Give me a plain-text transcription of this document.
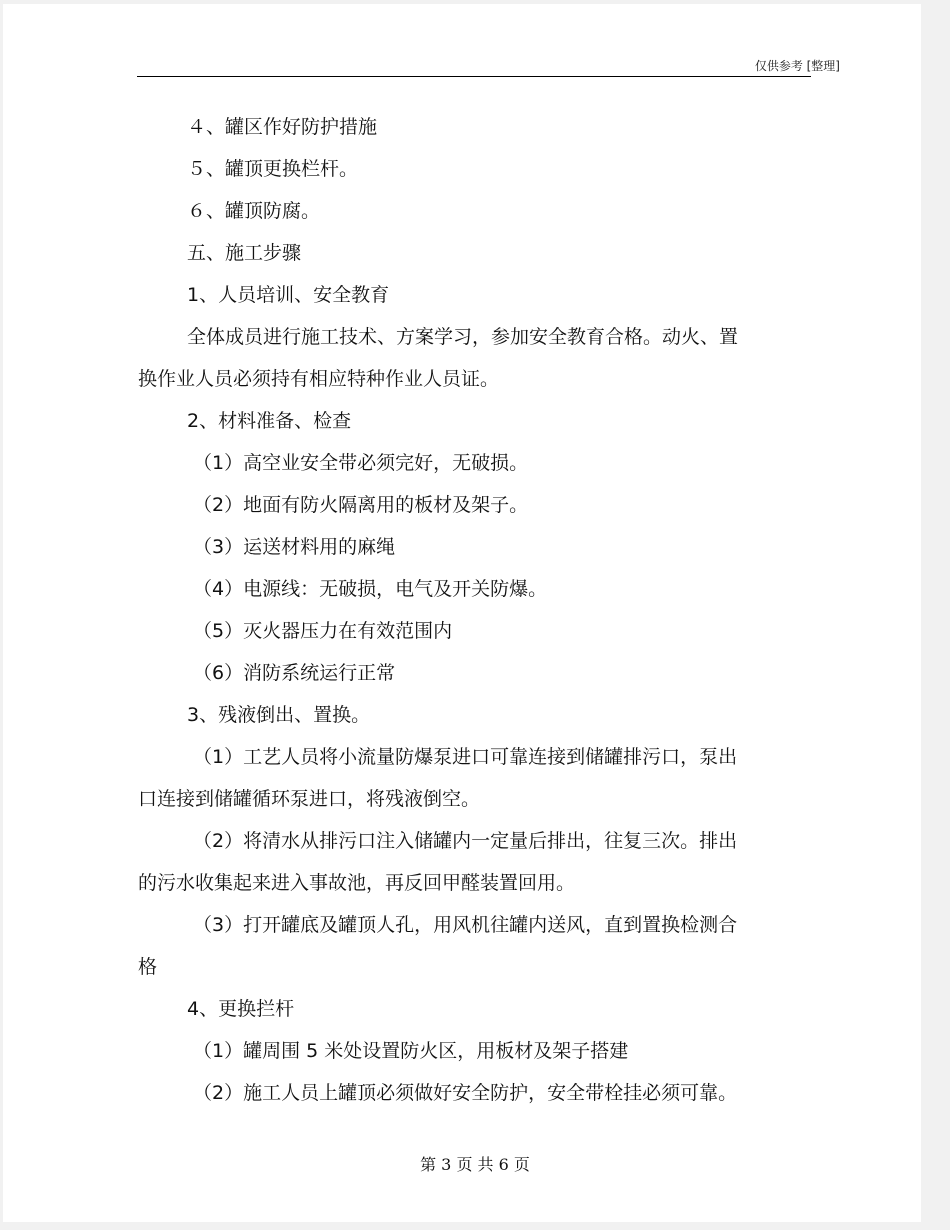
仅供参考 [整理]
４、罐区作好防护措施
５、罐顶更换栏杆。
６、罐顶防腐。
五、施工步骤
1、人员培训、安全教育
全体成员进行施工技术、方案学习，参加安全教育合格。动火、置
换作业人员必须持有相应特种作业人员证。
2、材料准备、检查
（1）高空业安全带必须完好，无破损。
（2）地面有防火隔离用的板材及架子。
（3）运送材料用的麻绳
（4）电源线：无破损，电气及开关防爆。
（5）灭火器压力在有效范围内
（6）消防系统运行正常
3、残液倒出、置换。
（1）工艺人员将小流量防爆泵进口可靠连接到储罐排污口，泵出
口连接到储罐循环泵进口，将残液倒空。
（2）将清水从排污口注入储罐内一定量后排出，往复三次。排出
的污水收集起来进入事故池，再反回甲醛装置回用。
（3）打开罐底及罐顶人孔，用风机往罐内送风，直到置换检测合
格
4、更换拦杆
（1）罐周围 5 米处设置防火区，用板材及架子搭建
（2）施工人员上罐顶必须做好安全防护，安全带栓挂必须可靠。
第 3 页 共 6 页
